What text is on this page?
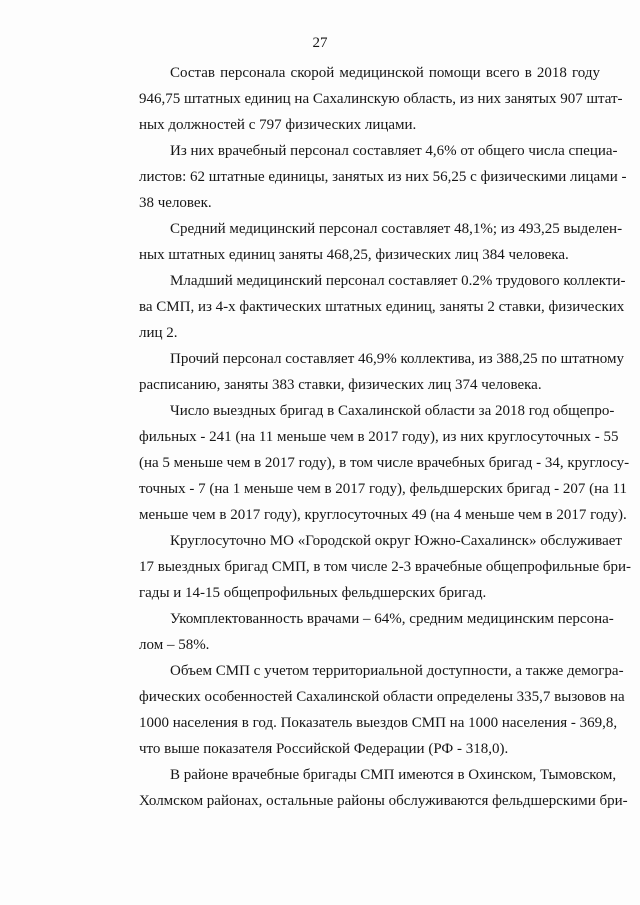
27

Состав персонала скорой медицинской помощи всего в 2018 году
946,75 штатных единиц на Сахалинскую область, из них занятых 907 штат-
ных должностей с 797 физических лицами.

Из них врачебный персонал составляет 4,6% от общего числа специа-
листов: 62 штатные единицы, занятых из них 56,25 с физическими лицами -
38 человек.

Средний медицинский персонал составляет 48,1%; из 493,25 выделен-
ных штатных единиц заняты 468,25, физических лиц 384 человека.

Младший медицинский персонал составляет 0.2% трудового коллекти-
ва СМП, из 4-х фактических штатных единиц, заняты 2 ставки, физических
лиц 2.

Прочий персонал составляет 46,9% коллектива, из 388,25 по штатному
расписанию, заняты 383 ставки, физических лиц 374 человека.

Число выездных бригад в Сахалинской области за 2018 год общепро-
фильных - 241 (на 11 меньше чем в 2017 году), из них круглосуточных - 55
(на 5 меньше чем в 2017 году), в том числе врачебных бригад - 34, круглосу-
точных - 7 (на 1 меньше чем в 2017 году), фельдшерских бригад - 207 (на 11
меньше чем в 2017 году), круглосуточных 49 (на 4 меньше чем в 2017 году).

Круглосуточно МО «Городской округ Южно-Сахалинск» обслуживает
17 выездных бригад СМП, в том числе 2-3 врачебные общепрофильные бри-
гады и 14-15 общепрофильных фельдшерских бригад.

Укомплектованность врачами – 64%, средним медицинским персона-
лом – 58%.

Объем СМП с учетом территориальной доступности, а также демогра-
фических особенностей Сахалинской области определены 335,7 вызовов на
1000 населения в год. Показатель выездов СМП на 1000 населения - 369,8,
что выше показателя Российской Федерации (РФ - 318,0).

В районе врачебные бригады СМП имеются в Охинском, Тымовском,
Холмском районах, остальные районы обслуживаются фельдшерскими бри-
